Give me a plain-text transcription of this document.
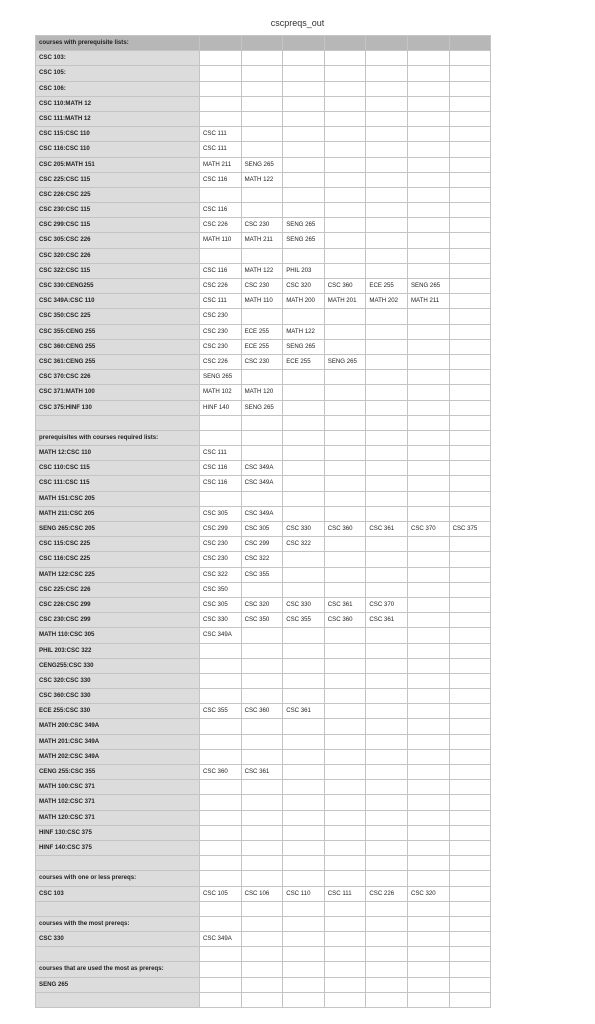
cscpreqs_out
courses with prerequisite lists:							
CSC 103:							
CSC 105:							
CSC 106:							
CSC 110:MATH 12							
CSC 111:MATH 12							
CSC 115:CSC 110	CSC 111						
CSC 116:CSC 110	CSC 111						
CSC 205:MATH 151	MATH 211	SENG 265					
CSC 225:CSC 115	CSC 116	MATH 122					
CSC 226:CSC 225							
CSC 230:CSC 115	CSC 116						
CSC 299:CSC 115	CSC 226	CSC 230	SENG 265				
CSC 305:CSC 226	MATH 110	MATH 211	SENG 265				
CSC 320:CSC 226							
CSC 322:CSC 115	CSC 116	MATH 122	PHIL 203				
CSC 330:CENG255	CSC 226	CSC 230	CSC 320	CSC 360	ECE 255	SENG 265	
CSC 349A:CSC 110	CSC 111	MATH 110	MATH 200	MATH 201	MATH 202	MATH 211	
CSC 350:CSC 225	CSC 230						
CSC 355:CENG 255	CSC 230	ECE 255	MATH 122				
CSC 360:CENG 255	CSC 230	ECE 255	SENG 265				
CSC 361:CENG 255	CSC 226	CSC 230	ECE 255	SENG 265			
CSC 370:CSC 226	SENG 265						
CSC 371:MATH 100	MATH 102	MATH 120					
CSC 375:HINF 130	HINF 140	SENG 265					

prerequisites with courses required lists:							
MATH 12:CSC 110	CSC 111						
CSC 110:CSC 115	CSC 116	CSC 349A					
CSC 111:CSC 115	CSC 116	CSC 349A					
MATH 151:CSC 205							
MATH 211:CSC 205	CSC 305	CSC 349A					
SENG 265:CSC 205	CSC 299	CSC 305	CSC 330	CSC 360	CSC 361	CSC 370	CSC 375
CSC 115:CSC 225	CSC 230	CSC 299	CSC 322				
CSC 116:CSC 225	CSC 230	CSC 322					
MATH 122:CSC 225	CSC 322	CSC 355					
CSC 225:CSC 226	CSC 350						
CSC 226:CSC 299	CSC 305	CSC 320	CSC 330	CSC 361	CSC 370		
CSC 230:CSC 299	CSC 330	CSC 350	CSC 355	CSC 360	CSC 361		
MATH 110:CSC 305	CSC 349A						
PHIL 203:CSC 322							
CENG255:CSC 330							
CSC 320:CSC 330							
CSC 360:CSC 330							
ECE 255:CSC 330	CSC 355	CSC 360	CSC 361				
MATH 200:CSC 349A							
MATH 201:CSC 349A							
MATH 202:CSC 349A							
CENG 255:CSC 355	CSC 360	CSC 361					
MATH 100:CSC 371							
MATH 102:CSC 371							
MATH 120:CSC 371							
HINF 130:CSC 375							
HINF 140:CSC 375							

courses with one or less prereqs:							
CSC 103	CSC 105	CSC 106	CSC 110	CSC 111	CSC 226	CSC 320	

courses with the most prereqs:							
CSC 330	CSC 349A						

courses that are used the most as prereqs:							
SENG 265							
